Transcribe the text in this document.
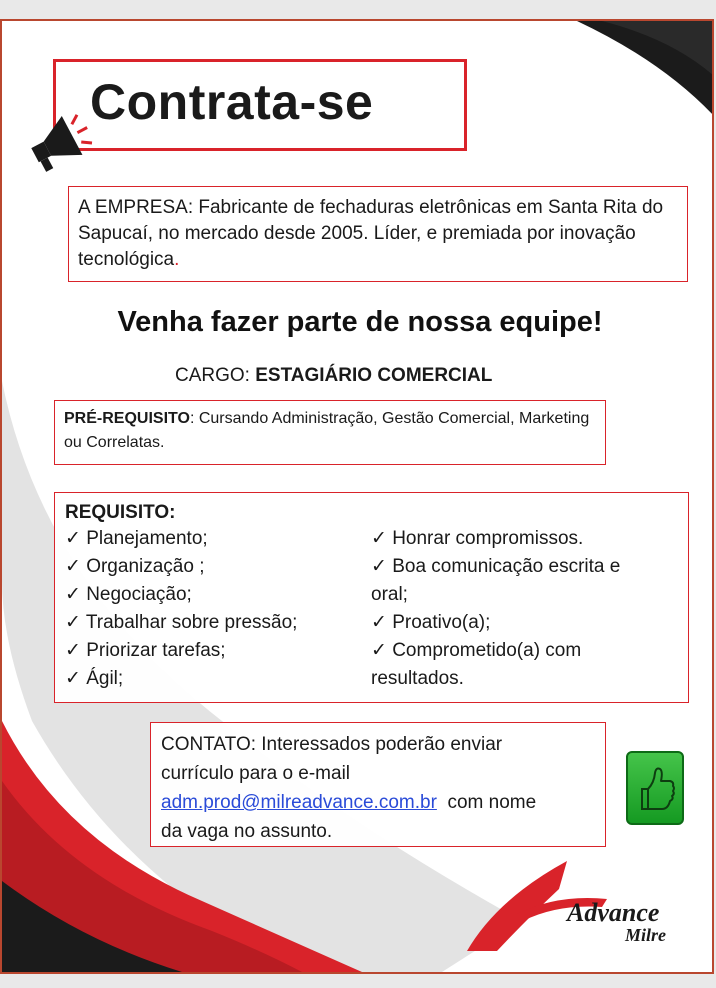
Contrata-se
A EMPRESA: Fabricante de fechaduras eletrônicas em Santa Rita do Sapucaí, no mercado desde 2005. Líder, e premiada por inovação tecnológica.
Venha fazer parte de nossa equipe!
CARGO: ESTAGIÁRIO COMERCIAL
PRÉ-REQUISITO: Cursando Administração, Gestão Comercial, Marketing ou Correlatas.
REQUISITO:
✓ Planejamento;
✓ Organização ;
✓ Negociação;
✓ Trabalhar sobre pressão;
✓ Priorizar tarefas;
✓ Ágil;
✓ Honrar compromissos.
✓ Boa comunicação escrita e
oral;
✓ Proativo(a);
✓ Comprometido(a) com
resultados.
CONTATO: Interessados poderão enviar
currículo para o e-mail
adm.prod@milreadvance.com.br  com nome
da vaga no assunto.
Advance
Milre
